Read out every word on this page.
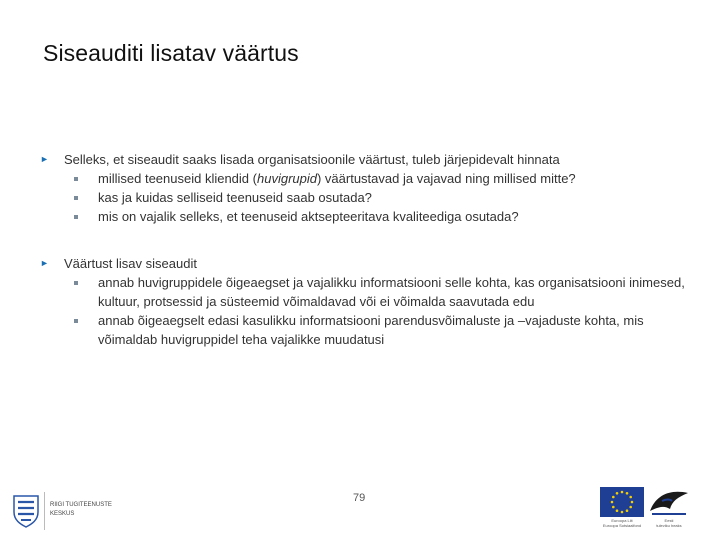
Siseauditi lisatav väärtus
► Selleks, et siseaudit saaks lisada organisatsioonile väärtust, tuleb järjepidevalt hinnata
millised teenuseid kliendid (huvigrupid) väärtustavad ja vajavad ning millised mitte?
kas ja kuidas selliseid teenuseid saab osutada?
mis on vajalik selleks, et teenuseid aktsepteeritava kvaliteediga osutada?
► Väärtust lisav siseaudit
annab huvigruppidele õigeaegset ja vajalikku informatsiooni selle kohta, kas organisatsiooni inimesed, kultuur, protsessid ja süsteemid võimaldavad või ei võimalda saavutada edu
annab õigeaegselt edasi kasulikku informatsiooni parendusvõimaluste ja –vajaduste kohta, mis võimaldab huvigruppidel teha vajalikke muudatusi
79
RIIGI TUGITEENUSTE
KESKUS
Euroopa Liit
Euroopa Sotsiaalfond
Eesti
tuleviku heaks
